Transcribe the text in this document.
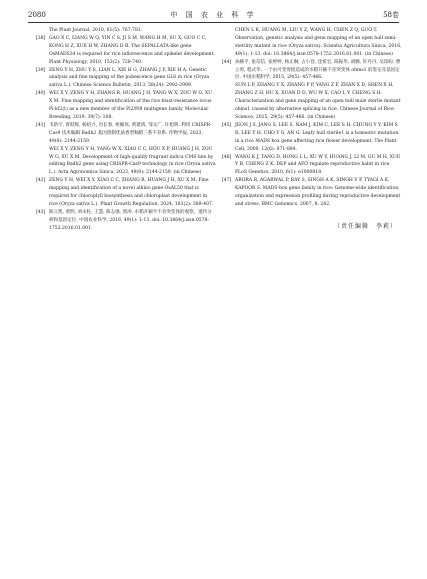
2080	中 国 农 业 科 学	58卷

The Plant Journal, 2010, 61(5): 767-781.

[38] GAO X C, LIANG W Q, YIN C S, JI S M, WANG H M, SU X, GUO C C, KONG H Z, XUE H W, ZHANG D B. The SEPALLATA-like gene OsMADS34 is required for rice inflorescence and spikelet development. Plant Physiology, 2010, 153(2): 728-740.
[39] ZENG Y H, ZHU Y S, LIAN L, XIE H G, ZHANG J F, XIE H A. Genetic analysis and fine mapping of the pubescence gene GL6 in rice (Oryza sativa L.). Chinese Science Bulletin, 2013, 58(24): 2992-2999.
[40] WEI X Y, ZENG Y H, ZHANG R, HUANG J H, YANG W X, ZOU W G, XU X M. Fine mapping and identification of the rice blast-resistance locus Pi-kf2(t) as a new member of the Pi2/Pi9 multigene family. Molecular Breeding, 2019, 39(7): 108.
[41] 韦新宇, 曾跃辉, 杨绍兴, 肖长春, 侯佩瑶, 黄建鸿, 邹文广, 许旭明. 利用 CRISPR-Cas9 技术编辑 Badh2 基因创制优质香型籼稻三系不育系. 作物学报, 2023, 49(8): 2144-2159.

WEI X Y, ZENG Y H, YANG W X, XIAO C C, HOU X P, HUANG J H, ZOU W G, XU X M. Development of high-quality fragrant indica CMS line by editing Badh2 gene using CRISPR-Cas9 technology in rice (Oryza sativa L.). Acta Agronomica Sinica, 2023, 49(8): 2144-2159. (in Chinese)

[42] ZENG Y H, WEI X Y, XIAO C C, ZHANG R, HUANG J H, XU X M. Fine mapping and identification of a novel albino gene OsAL50 that is required for chloroplyll biosynthesis and chloroplast development in rice (Oryza sativa L.). Plant Growth Regulation, 2024, 103(2): 389-407.
[43] 陈立凯, 黄明, 刘永柱, 王慧, 陈志强, 郭涛. 水稻开颖半不育突变体的观察、遗传分析和基因定位. 中国农业科学, 2016, 49(1): 1-13. doi: 10.3864/j.issn.0578-1752.2016.01.001.

CHEN L K, HUANG M, LIU Y Z, WANG H, CHEN Z Q, GUO T. Observation, genetic analysis and gene mapping of an open hull semi-sterility mutant in rice (Oryza sativa). Scientia Agricultura Sinica, 2016, 49(1): 1-13. doi: 10.3864/j.issn.0578-1752.2016.01.001. (in Chinese)

[44] 孙赫平, 张培信, 张婷婷, 杨正琳, 占小登, 沈希宏, 陈振华, 胡腾, 轩丹丹, 吴玮盼, 曹立勇, 程式华. 一个由可变剪接造成的水稻开颖不育突变体 ohms1 的鉴定及基因定位. 中国水稻科学, 2015, 29(5): 457-466.

SUN L P, ZHANG Y X, ZHANG P P, YANG Z F, ZHAN X D, SHEN X H, ZHANG Z H, HU X, XUAN D D, WU W X, CAO L Y, CHENG S H. Characterization and gene mapping of an open hull male sterile mutant ohms1 caused by alternative splicing in rice. Chinese Journal of Rice Science, 2015, 29(5): 457-466. (in Chinese)

[45] JEON J S, JANG S, LEE S, NAM J, KIM C, LEE S H, CHUNG Y Y, KIM S R, LEE Y H, CHO Y G, AN G. Leafy hull sterile1 is a homeotic mutation in a rice MADS box gene affecting rice flower development. The Plant Cell, 2000, 12(6): 871-884.
[46] WANG K J, TANG D, HONG L L, XU W Y, HUANG J, LI M, GU M H, XUE Y B, CHENG Z K. DEP and AFO regulate reproductive habit in rice. PLoS Genetics, 2010, 6(1): e1000818.
[47] ARORA R, AGARWAL P, RAY S, SINGH A K, SINGH V P, TYAGI A K, KAPOOR S. MADS-box gene family in rice: Genome-wide identification, organization and expression profiling during reproductive development and stress. BMC Genomics, 2007, 8: 242.
（责任编辑　李莉）
